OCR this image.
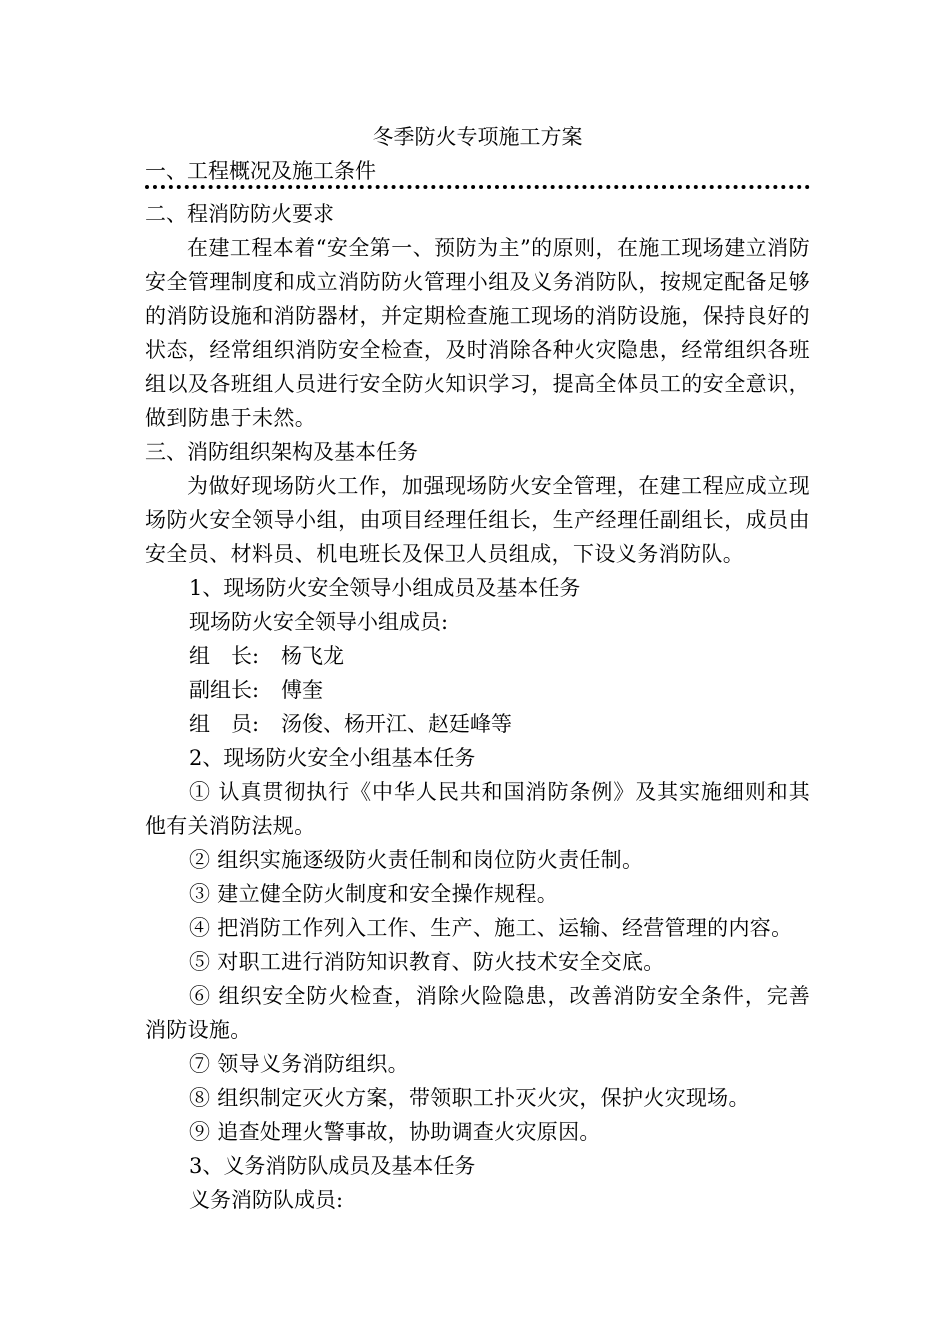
冬季防火专项施工方案

一、工程概况及施工条件

二、程消防防火要求

在建工程本着“安全第一、预防为主”的原则，在施工现场建立消防安全管理制度和成立消防防火管理小组及义务消防队，按规定配备足够的消防设施和消防器材，并定期检查施工现场的消防设施，保持良好的状态，经常组织消防安全检查，及时消除各种火灾隐患，经常组织各班组以及各班组人员进行安全防火知识学习，提高全体员工的安全意识，做到防患于未然。

三、消防组织架构及基本任务

为做好现场防火工作，加强现场防火安全管理，在建工程应成立现场防火安全领导小组，由项目经理任组长，生产经理任副组长，成员由安全员、材料员、机电班长及保卫人员组成，下设义务消防队。

1、现场防火安全领导小组成员及基本任务

现场防火安全领导小组成员:

组　长: 杨飞龙

副组长: 傅奎

组　员: 汤俊、杨开江、赵廷峰等

2、现场防火安全小组基本任务

① 认真贯彻执行《中华人民共和国消防条例》及其实施细则和其他有关消防法规。

② 组织实施逐级防火责任制和岗位防火责任制。

③ 建立健全防火制度和安全操作规程。

④ 把消防工作列入工作、生产、施工、运输、经营管理的内容。

⑤ 对职工进行消防知识教育、防火技术安全交底。

⑥ 组织安全防火检查，消除火险隐患，改善消防安全条件，完善消防设施。

⑦ 领导义务消防组织。

⑧ 组织制定灭火方案，带领职工扑灭火灾，保护火灾现场。

⑨ 追查处理火警事故，协助调查火灾原因。

3、义务消防队成员及基本任务

义务消防队成员:
